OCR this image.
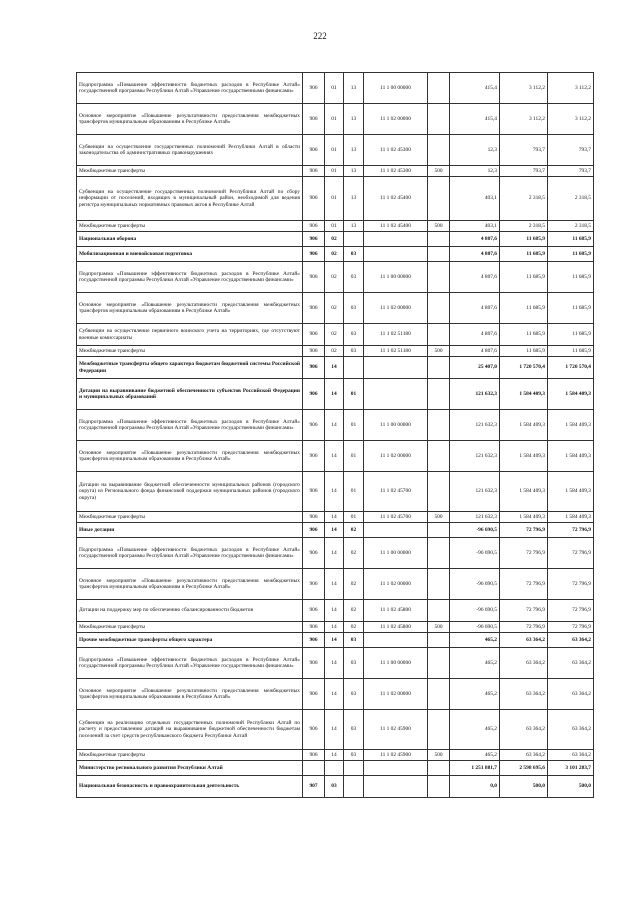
222
Подпрограмма «Повышение эффективности бюджетных расходов в Республике Алтай» государственной программы Республики Алтай «Управление государственными финансами»	906	01	13	11 1 00 00000		415,4	3 112,2	3 112,2
Основное мероприятие «Повышение результативности предоставления межбюджетных трансфертов муниципальным образованиям в Республике Алтай»	906	01	13	11 1 02 00000		415,4	3 112,2	3 112,2
Субвенции на осуществление государственных полномочий Республики Алтай в области законодательства об административных правонарушениях	906	01	13	11 1 02 45300		12,3	793,7	793,7
Межбюджетные трансферты	906	01	13	11 1 02 45300	500	12,3	793,7	793,7
Субвенции на осуществление государственных полномочий Республики Алтай по сбору информации от поселений, входящих в муниципальный район, необходимой для ведения регистра муниципальных нормативных правовых актов в Республике Алтай	906	01	13	11 1 02 45400		403,1	2 318,5	2 318,5
Межбюджетные трансферты	906	01	13	11 1 02 45400	500	403,1	2 318,5	2 318,5
Национальная оборона	906	02				4 807,6	11 685,9	11 685,9
Мобилизационная и вневойсковая подготовка	906	02	03			4 807,6	11 685,9	11 685,9
Подпрограмма «Повышение эффективности бюджетных расходов в Республике Алтай» государственной программы Республики Алтай «Управление государственными финансами»	906	02	03	11 1 00 00000		4 807,6	11 685,9	11 685,9
Основное мероприятие «Повышение результативности предоставления межбюджетных трансфертов муниципальным образованиям в Республике Алтай»	906	02	03	11 1 02 00000		4 807,6	11 685,9	11 685,9
Субвенции на осуществление первичного воинского учета на территориях, где отсутствуют военные комиссариаты	906	02	03	11 1 02 51180		4 807,6	11 685,9	11 685,9
Межбюджетные трансферты	906	02	03	11 1 02 51180	500	4 807,6	11 685,9	11 685,9
Межбюджетные трансферты общего характера бюджетам бюджетной системы Российской Федерации	906	14				25 407,0	1 720 570,4	1 720 570,4
Дотации на выравнивание бюджетной обеспеченности субъектов Российской Федерации и муниципальных образований	906	14	01			121 632,3	1 584 409,3	1 584 409,3
Подпрограмма «Повышение эффективности бюджетных расходов в Республике Алтай» государственной программы Республики Алтай «Управление государственными финансами»	906	14	01	11 1 00 00000		121 632,3	1 584 409,3	1 584 409,3
Основное мероприятие «Повышение результативности предоставления межбюджетных трансфертов муниципальным образованиям в Республике Алтай»	906	14	01	11 1 02 00000		121 632,3	1 584 409,3	1 584 409,3
Дотации на выравнивание бюджетной обеспеченности муниципальных районов (городского округа) из Регионального фонда финансовой поддержки муниципальных районов (городского округа)	906	14	01	11 1 02 45700		121 632,3	1 584 409,3	1 584 409,3
Межбюджетные трансферты	906	14	01	11 1 02 45700	500	121 632,3	1 584 409,3	1 584 409,3
Иные дотации	906	14	02			-96 690,5	72 796,9	72 796,9
Подпрограмма «Повышение эффективности бюджетных расходов в Республике Алтай» государственной программы Республики Алтай «Управление государственными финансами»	906	14	02	11 1 00 00000		-96 690,5	72 796,9	72 796,9
Основное мероприятие «Повышение результативности предоставления межбюджетных трансфертов муниципальным образованиям в Республике Алтай»	906	14	02	11 1 02 00000		-96 690,5	72 796,9	72 796,9
Дотации на поддержку мер по обеспечению сбалансированности бюджетов	906	14	02	11 1 02 45800		-96 690,5	72 796,9	72 796,9
Межбюджетные трансферты	906	14	02	11 1 02 45800	500	-96 690,5	72 796,9	72 796,9
Прочие межбюджетные трансферты общего характера	906	14	03			465,2	63 364,2	63 364,2
Подпрограмма «Повышение эффективности бюджетных расходов в Республике Алтай» государственной программы Республики Алтай «Управление государственными финансами»	906	14	03	11 1 00 00000		465,2	63 364,2	63 364,2
Основное мероприятие «Повышение результативности предоставления межбюджетных трансфертов муниципальным образованиям в Республике Алтай»	906	14	03	11 1 02 00000		465,2	63 364,2	63 364,2
Субвенции на реализацию отдельных государственных полномочий Республики Алтай по расчету и предоставлению дотаций на выравнивание бюджетной обеспеченности бюджетам поселений за счет средств республиканского бюджета Республики Алтай	906	14	03	11 1 02 45900		465,2	63 364,2	63 364,2
Межбюджетные трансферты	906	14	03	11 1 02 45900	500	465,2	63 364,2	63 364,2
Министерство регионального развития Республики Алтай						1 251 881,7	2 598 695,6	3 101 283,7
Национальная безопасность и правоохранительная деятельность	907	03				0,0	500,0	500,0
